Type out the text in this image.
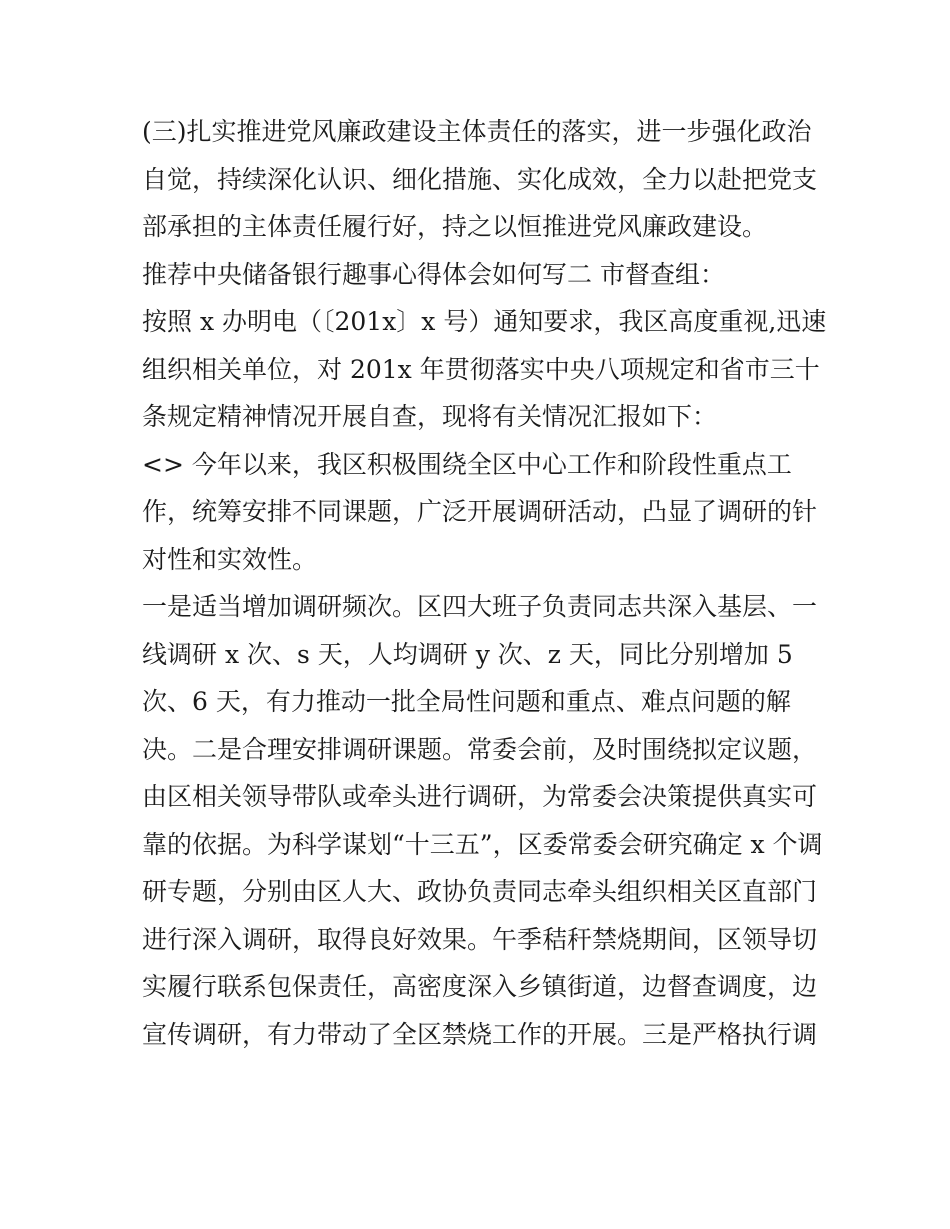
(三)扎实推进党风廉政建设主体责任的落实，进一步强化政治
自觉，持续深化认识、细化措施、实化成效，全力以赴把党支
部承担的主体责任履行好，持之以恒推进党风廉政建设。
推荐中央储备银行趣事心得体会如何写二 市督查组：
按照 x 办明电（〔201x〕x 号）通知要求，我区高度重视,迅速
组织相关单位，对 201x 年贯彻落实中央八项规定和省市三十
条规定精神情况开展自查，现将有关情况汇报如下：
<> 今年以来，我区积极围绕全区中心工作和阶段性重点工
作，统筹安排不同课题，广泛开展调研活动，凸显了调研的针
对性和实效性。
一是适当增加调研频次。区四大班子负责同志共深入基层、一
线调研 x 次、s 天，人均调研 y 次、z 天，同比分别增加 5
次、6 天，有力推动一批全局性问题和重点、难点问题的解
决。二是合理安排调研课题。常委会前，及时围绕拟定议题，
由区相关领导带队或牵头进行调研，为常委会决策提供真实可
靠的依据。为科学谋划“十三五”，区委常委会研究确定 x 个调
研专题，分别由区人大、政协负责同志牵头组织相关区直部门
进行深入调研，取得良好效果。午季秸秆禁烧期间，区领导切
实履行联系包保责任，高密度深入乡镇街道，边督查调度，边
宣传调研，有力带动了全区禁烧工作的开展。三是严格执行调
